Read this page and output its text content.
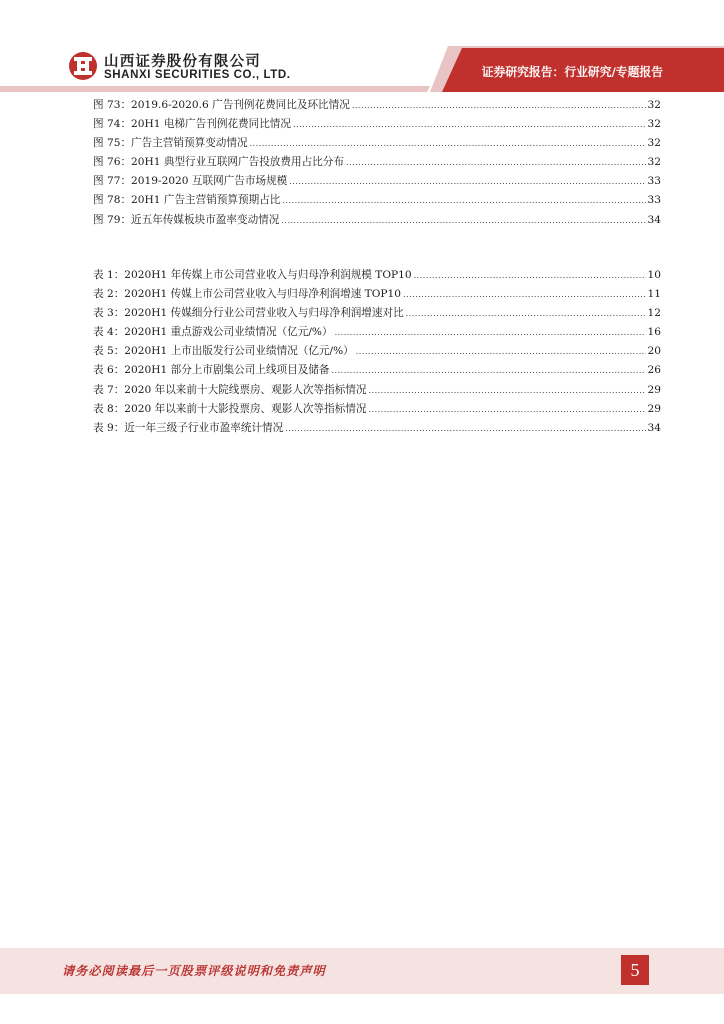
山西证券股份有限公司
SHANXI SECURITIES CO., LTD.	证券研究报告：行业研究/专题报告
图 73：2019.6-2020.6 广告刊例花费同比及环比情况 .....	32
图 74：20H1 电梯广告刊例花费同比情况 .....	32
图 75：广告主营销预算变动情况 .....	32
图 76：20H1 典型行业互联网广告投放费用占比分布 .....	32
图 77：2019-2020 互联网广告市场规模 .....	33
图 78：20H1 广告主营销预算预期占比 .....	33
图 79：近五年传媒板块市盈率变动情况 .....	34
表 1：2020H1 年传媒上市公司营业收入与归母净利润规模 TOP10 .....	10
表 2：2020H1 传媒上市公司营业收入与归母净利润增速 TOP10 .....	11
表 3：2020H1 传媒细分行业公司营业收入与归母净利润增速对比 .....	12
表 4：2020H1 重点游戏公司业绩情况（亿元/%） .....	16
表 5：2020H1 上市出版发行公司业绩情况（亿元/%） .....	20
表 6：2020H1 部分上市剧集公司上线项目及储备 .....	26
表 7：2020 年以来前十大院线票房、观影人次等指标情况 .....	29
表 8：2020 年以来前十大影投票房、观影人次等指标情况 .....	29
表 9：近一年三级子行业市盈率统计情况 .....	34
请务必阅读最后一页股票评级说明和免责声明	5
